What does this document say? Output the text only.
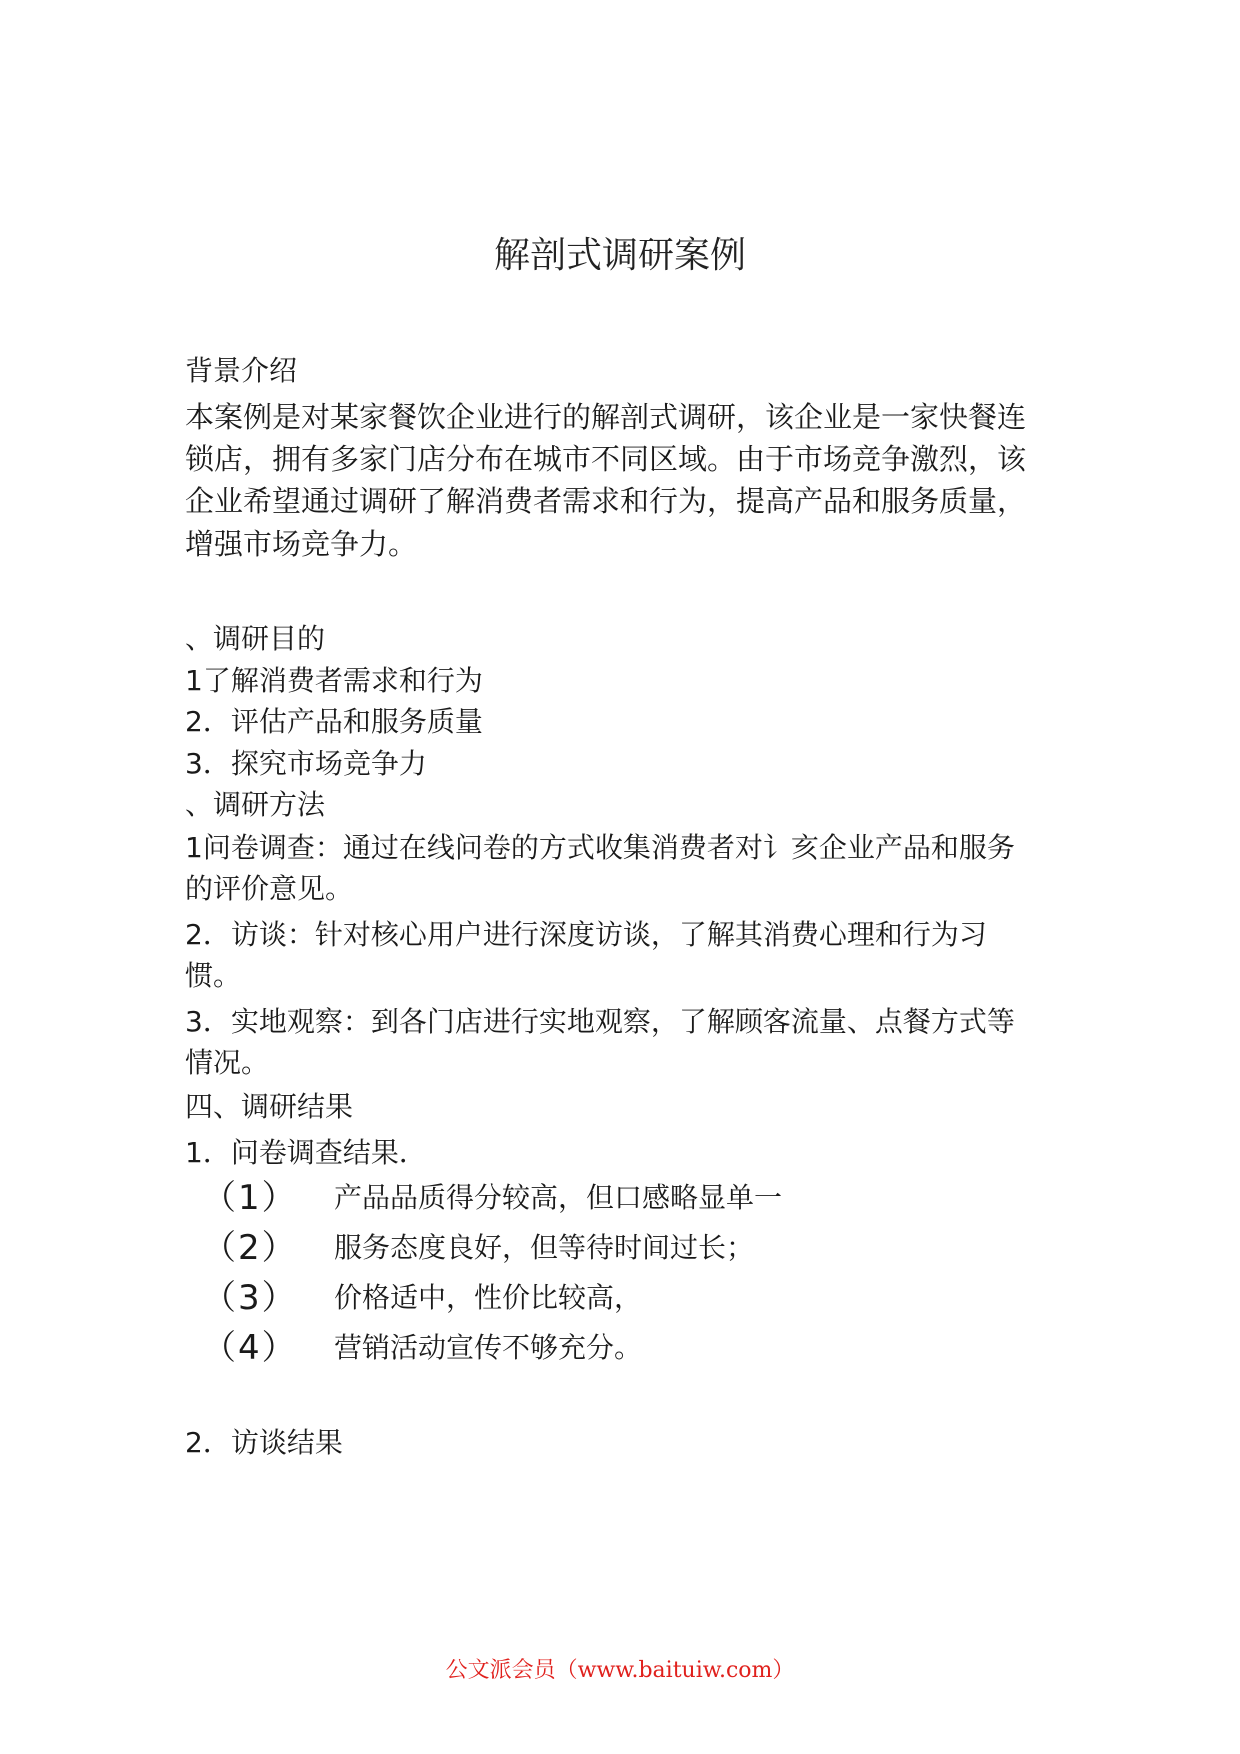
解剖式调研案例
背景介绍
本案例是对某家餐饮企业进行的解剖式调研，该企业是一家快餐连
锁店，拥有多家门店分布在城市不同区域。由于市场竞争激烈，该
企业希望通过调研了解消费者需求和行为，提高产品和服务质量，
增强市场竞争力。
、调研目的
1了解消费者需求和行为
2．评估产品和服务质量
3．探究市场竞争力
、调研方法
1问卷调查：通过在线问卷的方式收集消费者对讠亥企业产品和服务
的评价意见。
2．访谈：针对核心用户进行深度访谈，了解其消费心理和行为习
惯。
3．实地观察：到各门店进行实地观察，了解顾客流量、点餐方式等
情况。
四、调研结果
1．问卷调查结果．
（1） 产品品质得分较高，但口感略显单一
（2） 服务态度良好，但等待时间过长；
（3） 价格适中，性价比较高，
（4） 营销活动宣传不够充分。
2．访谈结果
公文派会员（www.baituiw.com）
